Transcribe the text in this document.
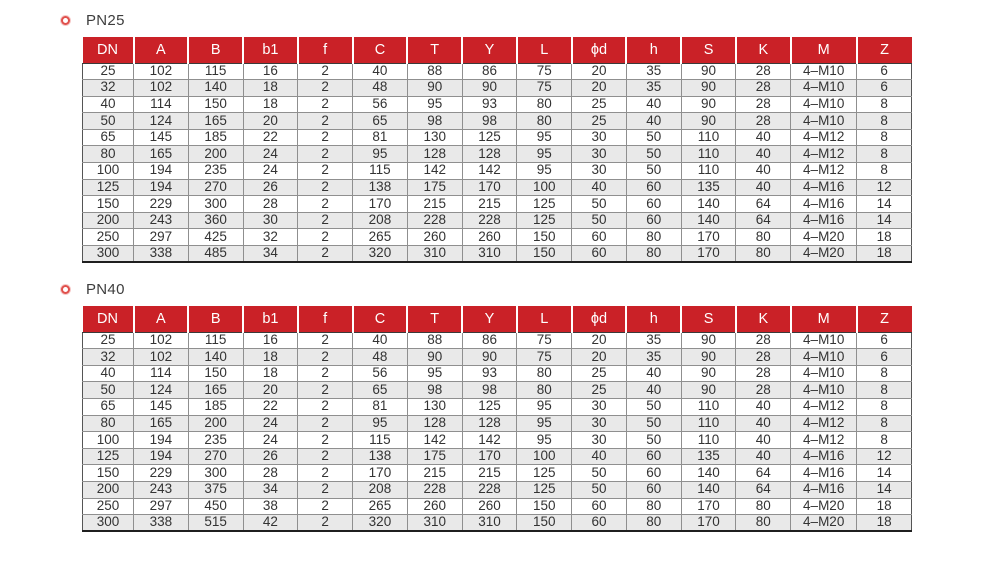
PN25
DN	A	B	b1	f	C	T	Y	L	ϕd	h	S	K	M	Z
25	102	115	16	2	40	88	86	75	20	35	90	28	4–M10	6
32	102	140	18	2	48	90	90	75	20	35	90	28	4–M10	6
40	114	150	18	2	56	95	93	80	25	40	90	28	4–M10	8
50	124	165	20	2	65	98	98	80	25	40	90	28	4–M10	8
65	145	185	22	2	81	130	125	95	30	50	110	40	4–M12	8
80	165	200	24	2	95	128	128	95	30	50	110	40	4–M12	8
100	194	235	24	2	115	142	142	95	30	50	110	40	4–M12	8
125	194	270	26	2	138	175	170	100	40	60	135	40	4–M16	12
150	229	300	28	2	170	215	215	125	50	60	140	64	4–M16	14
200	243	360	30	2	208	228	228	125	50	60	140	64	4–M16	14
250	297	425	32	2	265	260	260	150	60	80	170	80	4–M20	18
300	338	485	34	2	320	310	310	150	60	80	170	80	4–M20	18
PN40
DN	A	B	b1	f	C	T	Y	L	ϕd	h	S	K	M	Z
25	102	115	16	2	40	88	86	75	20	35	90	28	4–M10	6
32	102	140	18	2	48	90	90	75	20	35	90	28	4–M10	6
40	114	150	18	2	56	95	93	80	25	40	90	28	4–M10	8
50	124	165	20	2	65	98	98	80	25	40	90	28	4–M10	8
65	145	185	22	2	81	130	125	95	30	50	110	40	4–M12	8
80	165	200	24	2	95	128	128	95	30	50	110	40	4–M12	8
100	194	235	24	2	115	142	142	95	30	50	110	40	4–M12	8
125	194	270	26	2	138	175	170	100	40	60	135	40	4–M16	12
150	229	300	28	2	170	215	215	125	50	60	140	64	4–M16	14
200	243	375	34	2	208	228	228	125	50	60	140	64	4–M16	14
250	297	450	38	2	265	260	260	150	60	80	170	80	4–M20	18
300	338	515	42	2	320	310	310	150	60	80	170	80	4–M20	18
